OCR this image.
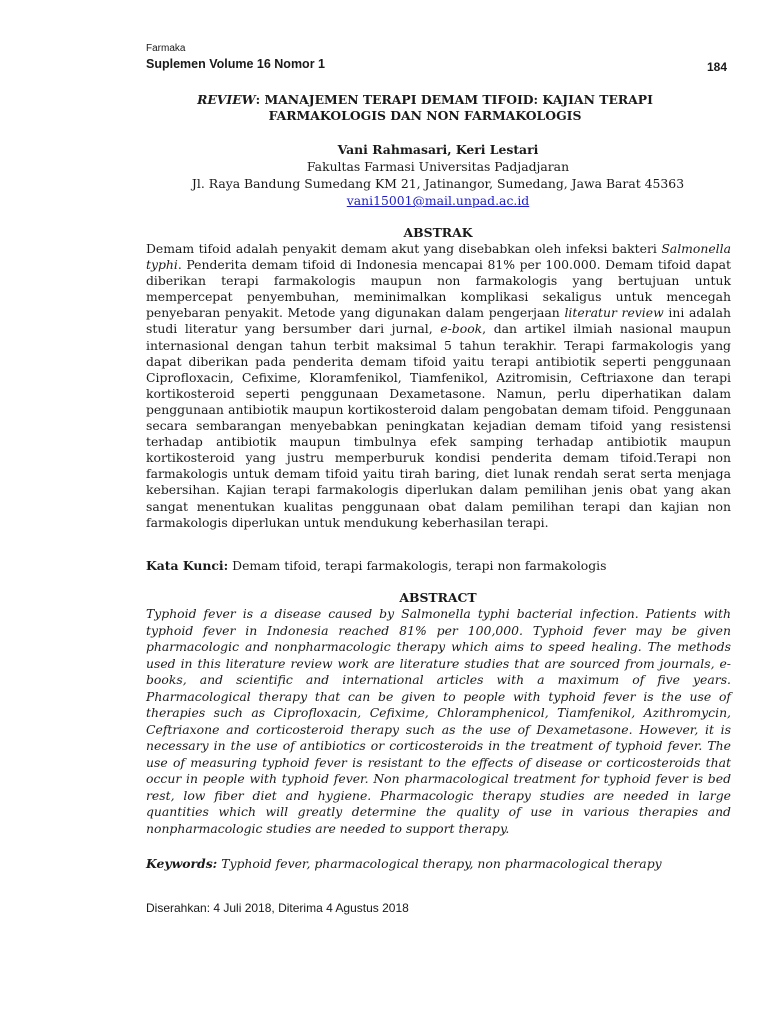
Farmaka
Suplemen Volume 16 Nomor 1	184

REVIEW: MANAJEMEN TERAPI DEMAM TIFOID: KAJIAN TERAPI

FARMAKOLOGIS DAN NON FARMAKOLOGIS

Vani Rahmasari, Keri Lestari

Fakultas Farmasi Universitas Padjadjaran

Jl. Raya Bandung Sumedang KM 21, Jatinangor, Sumedang, Jawa Barat 45363

vani15001@mail.unpad.ac.id

ABSTRAK

Demam tifoid adalah penyakit demam akut yang disebabkan oleh infeksi bakteri Salmonella typhi. Penderita demam tifoid di Indonesia mencapai 81% per 100.000. Demam tifoid dapat diberikan terapi farmakologis maupun non farmakologis yang bertujuan untuk mempercepat penyembuhan, meminimalkan komplikasi sekaligus untuk mencegah penyebaran penyakit. Metode yang digunakan dalam pengerjaan literatur review ini adalah studi literatur yang bersumber dari jurnal, e-book, dan artikel ilmiah nasional maupun internasional dengan tahun terbit maksimal 5 tahun terakhir. Terapi farmakologis yang dapat diberikan pada penderita demam tifoid yaitu terapi antibiotik seperti penggunaan Ciprofloxacin, Cefixime, Kloramfenikol, Tiamfenikol, Azitromisin, Ceftriaxone dan terapi kortikosteroid seperti penggunaan Dexametasone. Namun, perlu diperhatikan dalam penggunaan antibiotik maupun kortikosteroid dalam pengobatan demam tifoid. Penggunaan secara sembarangan menyebabkan peningkatan kejadian demam tifoid yang resistensi terhadap antibiotik maupun timbulnya efek samping terhadap antibiotik maupun kortikosteroid yang justru memperburuk kondisi penderita demam tifoid.Terapi non farmakologis untuk demam tifoid yaitu tirah baring, diet lunak rendah serat serta menjaga kebersihan. Kajian terapi farmakologis diperlukan dalam pemilihan jenis obat yang akan sangat menentukan kualitas penggunaan obat dalam pemilihan terapi dan kajian non farmakologis diperlukan untuk mendukung keberhasilan terapi.

Kata Kunci: Demam tifoid, terapi farmakologis, terapi non farmakologis

ABSTRACT

Typhoid fever is a disease caused by Salmonella typhi bacterial infection. Patients with typhoid fever in Indonesia reached 81% per 100,000. Typhoid fever may be given pharmacologic and nonpharmacologic therapy which aims to speed healing. The methods used in this literature review work are literature studies that are sourced from journals, e-books, and scientific and international articles with a maximum of five years. Pharmacological therapy that can be given to people with typhoid fever is the use of therapies such as Ciprofloxacin, Cefixime, Chloramphenicol, Tiamfenikol, Azithromycin, Ceftriaxone and corticosteroid therapy such as the use of Dexametasone. However, it is necessary in the use of antibiotics or corticosteroids in the treatment of typhoid fever. The use of measuring typhoid fever is resistant to the effects of disease or corticosteroids that occur in people with typhoid fever. Non pharmacological treatment for typhoid fever is bed rest, low fiber diet and hygiene. Pharmacologic therapy studies are needed in large quantities which will greatly determine the quality of use in various therapies and nonpharmacologic studies are needed to support therapy.

Keywords: Typhoid fever, pharmacological therapy, non pharmacological therapy

Diserahkan: 4 Juli 2018, Diterima 4 Agustus 2018
